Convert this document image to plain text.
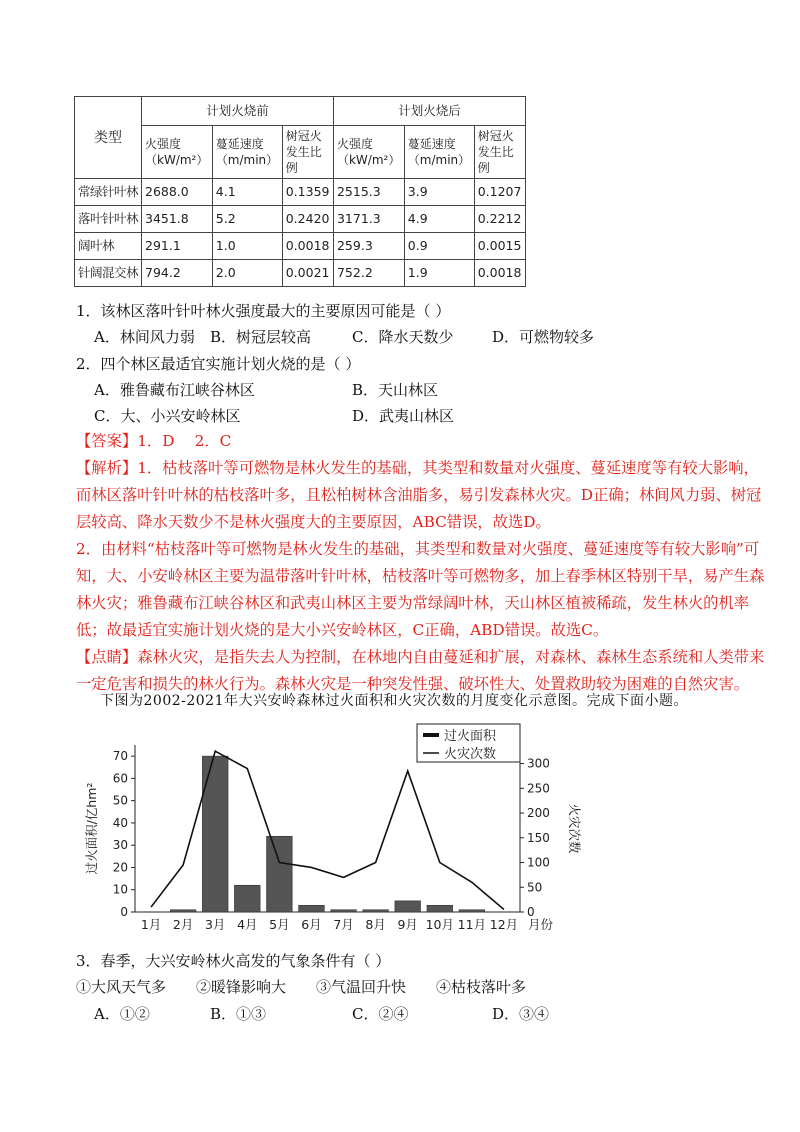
类型	计划火烧前			计划火烧后		
	火强度（kW/m²）	蔓延速度（m/min）	树冠火发生比例	火强度（kW/m²）	蔓延速度（m/min）	树冠火发生比例
常绿针叶林	2688.0	4.1	0.1359	2515.3	3.9	0.1207
落叶针叶林	3451.8	5.2	0.2420	3171.3	4.9	0.2212
阔叶林	291.1	1.0	0.0018	259.3	0.9	0.0015
针阔混交林	794.2	2.0	0.0021	752.2	1.9	0.0018
1．该林区落叶针叶林火强度最大的主要原因可能是（ ）
A．林间风力弱 B．树冠层较高	C．降水天数少	D．可燃物较多
2．四个林区最适宜实施计划火烧的是（ ）
A．雅鲁藏布江峡谷林区	B．天山林区
C．大、小兴安岭林区	D．武夷山林区
【答案】1．D　 2．C
【解析】1．枯枝落叶等可燃物是林火发生的基础，其类型和数量对火强度、蔓延速度等有较大影响，而林区落叶针叶林的枯枝落叶多，且松柏树林含油脂多，易引发森林火灾。D正确；林间风力弱、树冠层较高、降水天数少不是林火强度大的主要原因，ABC错误，故选D。
2．由材料“枯枝落叶等可燃物是林火发生的基础，其类型和数量对火强度、蔓延速度等有较大影响”可知，大、小安岭林区主要为温带落叶针叶林，枯枝落叶等可燃物多，加上春季林区特别干旱，易产生森林火灾；雅鲁藏布江峡谷林区和武夷山林区主要为常绿阔叶林，天山林区植被稀疏，发生林火的机率低；故最适宜实施计划火烧的是大小兴安岭林区，C正确，ABD错误。故选C。
【点睛】森林火灾，是指失去人为控制，在林地内自由蔓延和扩展，对森林、森林生态系统和人类带来一定危害和损失的林火行为。森林火灾是一种突发性强、破坏性大、处置救助较为困难的自然灾害。
下图为2002-2021年大兴安岭森林过火面积和火灾次数的月度变化示意图。完成下面小题。
0
10
20
30
40
50
60
70
0
50
100
150
200
250
300
1月 2月 3月 4月 5月 6月 7月 8月 9月 10月 11月 12月 月份
过火面积/亿hm²	火灾次数
过火面积
火灾次数
3．春季，大兴安岭林火高发的气象条件有（ ）
①大风天气多　　②暖锋影响大　　③气温回升快　　④枯枝落叶多
A．①②	B．①③	C．②④	D．③④
